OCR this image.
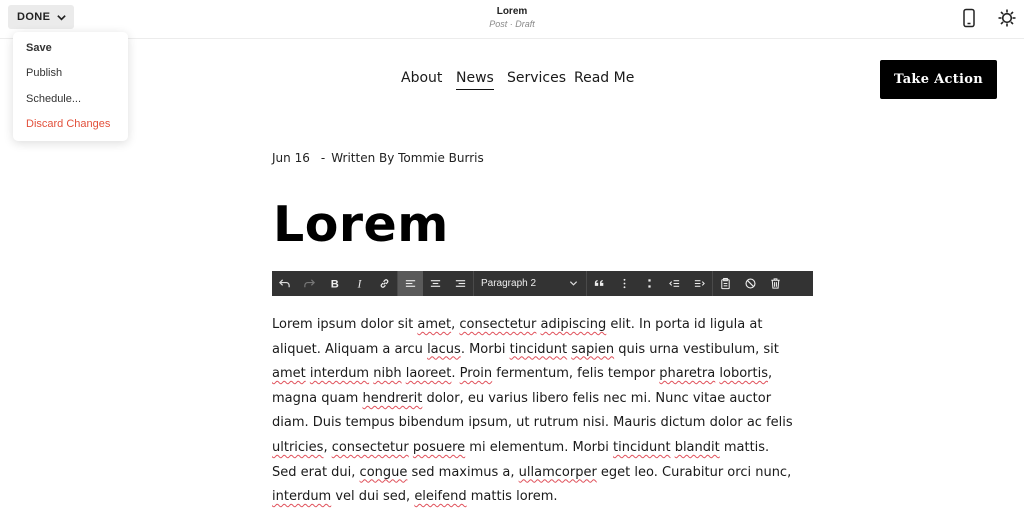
DONE	Lorem
Post · Draft
Save
Publish
Schedule...
Discard Changes
About News Services Read Me	Take Action
Jun 16 - Written By Tommie Burris
Lorem
B I	Paragraph 2
Lorem ipsum dolor sit amet, consectetur adipiscing elit. In porta id ligula at
aliquet. Aliquam a arcu lacus. Morbi tincidunt sapien quis urna vestibulum, sit
amet interdum nibh laoreet. Proin fermentum, felis tempor pharetra lobortis,
magna quam hendrerit dolor, eu varius libero felis nec mi. Nunc vitae auctor
diam. Duis tempus bibendum ipsum, ut rutrum nisi. Mauris dictum dolor ac felis
ultricies, consectetur posuere mi elementum. Morbi tincidunt blandit mattis.
Sed erat dui, congue sed maximus a, ullamcorper eget leo. Curabitur orci nunc,
interdum vel dui sed, eleifend mattis lorem.
